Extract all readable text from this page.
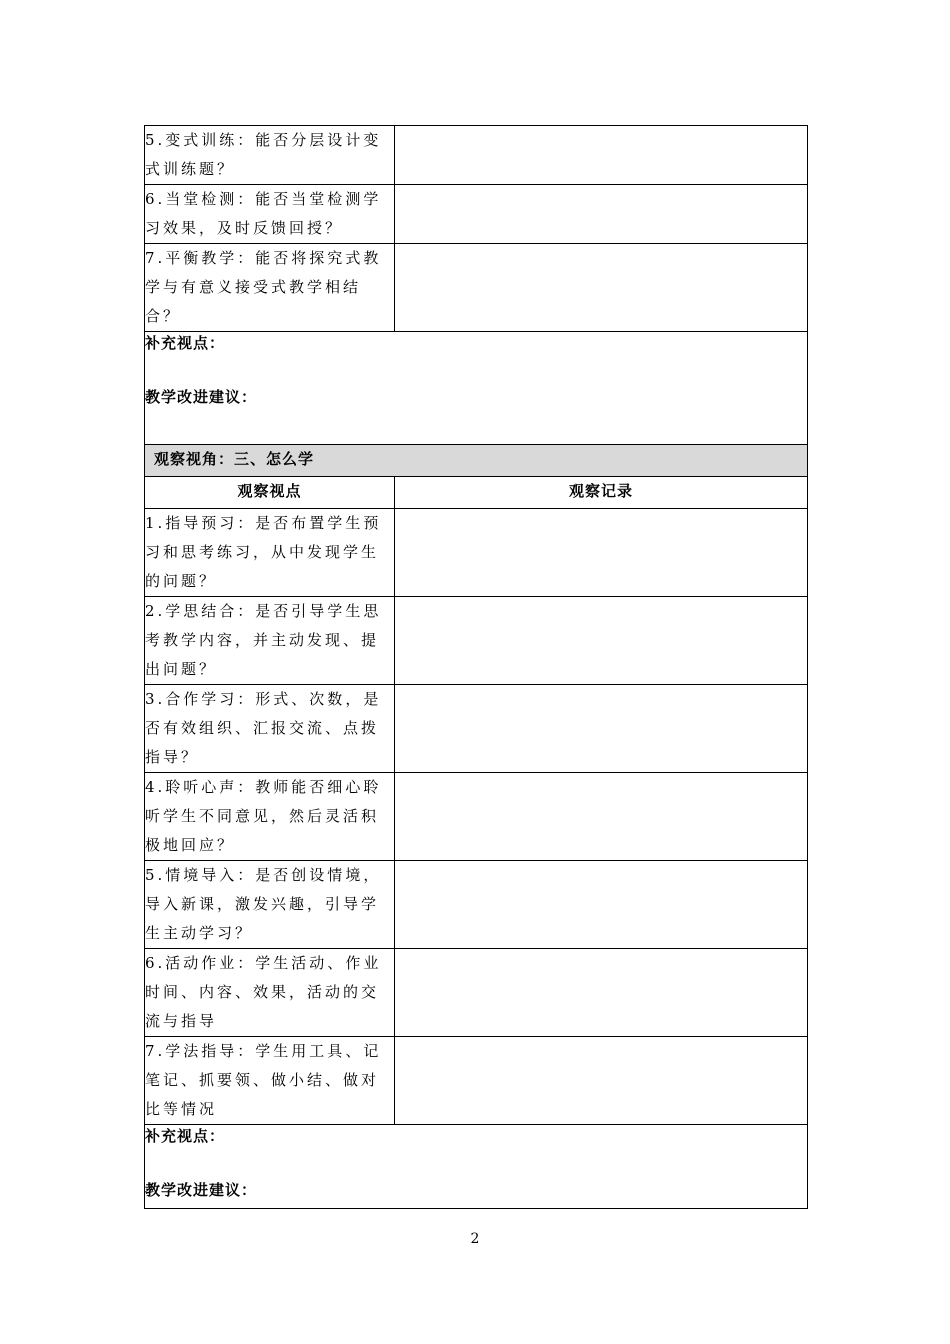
5.变式训练：能否分层设计变式训练题？	
6.当堂检测：能否当堂检测学习效果，及时反馈回授？	
7.平衡教学：能否将探究式教学与有意义接受式教学相结合？	

补充视点：
教学改进建议：	

观察视角：三、怎么学	
观察视点	观察记录
1.指导预习：是否布置学生预习和思考练习，从中发现学生的问题？	
2.学思结合：是否引导学生思考教学内容，并主动发现、提出问题？	
3.合作学习：形式、次数，是否有效组织、汇报交流、点拨指导？	
4.聆听心声：教师能否细心聆听学生不同意见，然后灵活积极地回应？	
5.情境导入：是否创设情境，导入新课，激发兴趣，引导学生主动学习？	
6.活动作业：学生活动、作业时间、内容、效果，活动的交流与指导	
7.学法指导：学生用工具、记笔记、抓要领、做小结、做对比等情况	

补充视点：
教学改进建议：	
2
